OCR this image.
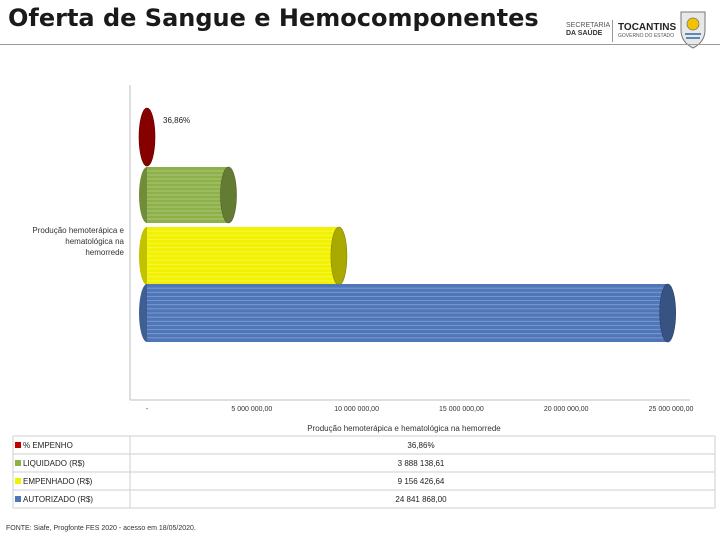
Oferta de Sangue e Hemocomponentes	SECRETARIA
DA SAÚDE
TOCANTINS
GOVERNO DO ESTADO
Produção hemoterápica e hematológica na hemorrede
-	5 000 000,00	10 000 000,00	15 000 000,00	20 000 000,00	25 000 000,00
Produção hemoterápica e hematológica na hemorrede
36,86%
% EMPENHO	36,86%
LIQUIDADO (R$)	3 888 138,61
EMPENHADO (R$)	9 156 426,64
AUTORIZADO (R$)	24 841 868,00
FONTE: Siafe, Progfonte FES 2020 - acesso em 18/05/2020.
